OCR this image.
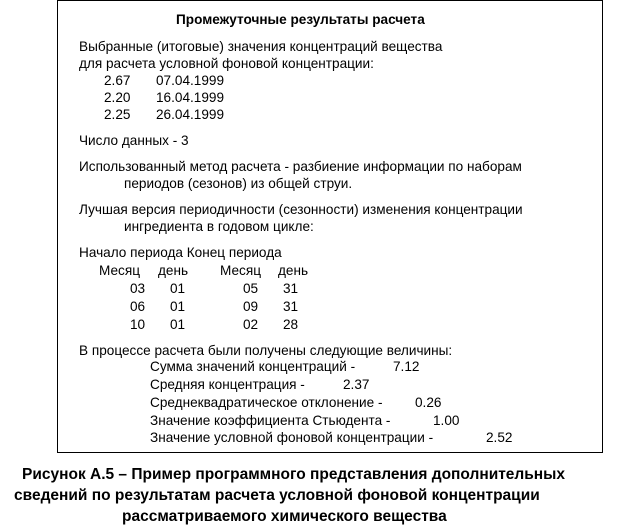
Промежуточные результаты расчета
Выбранные (итоговые) значения концентраций вещества
для расчета условной фоновой концентрации:
2.67 07.04.1999
2.20 16.04.1999
2.25 26.04.1999
Число данных - 3
Использованный метод расчета - разбиение информации по наборам
периодов (сезонов) из общей струи.
Лучшая версия периодичности (сезонности) изменения концентрации
ингредиента в годовом цикле:
Начало периода Конец периода
Месяц день Месяц день
03 01	05 31
06 01	09 31
10 01	02 28
В процессе расчета были получены следующие величины:
Сумма значений концентраций -	7.12
Средняя концентрация -	2.37
Среднеквадратическое отклонение - 0.26
Значение коэффициента Стьюдента -	1.00
Значение условной фоновой концентрации -	2.52
Рисунок А.5 – Пример программного представления дополнительных
сведений по результатам расчета условной фоновой концентрации
рассматриваемого химического вещества
